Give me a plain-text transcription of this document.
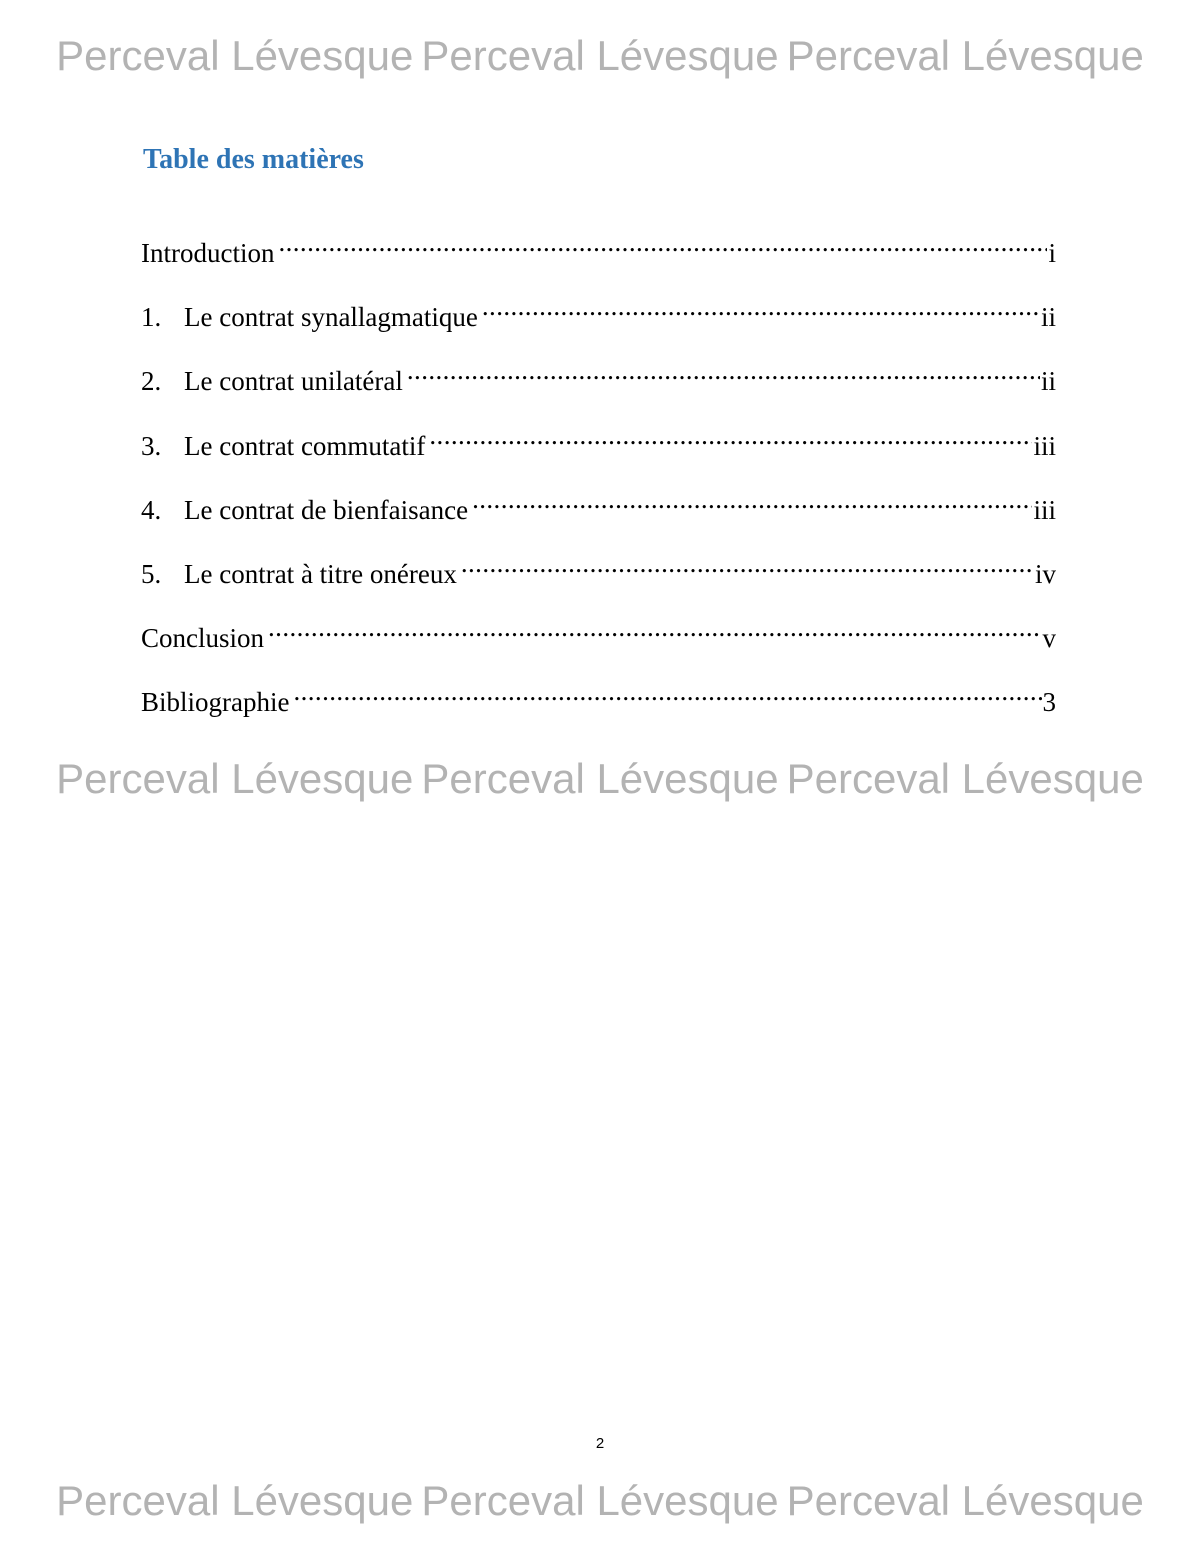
Perceval Lévesque Perceval Lévesque Perceval Lévesque
Perceval Lévesque Perceval Lévesque Perceval Lévesque
Perceval Lévesque Perceval Lévesque Perceval Lévesque
Table des matières
Introduction .....	i
1. Le contrat synallagmatique .....	ii
2. Le contrat unilatéral .....	ii
3. Le contrat commutatif .....	iii
4. Le contrat de bienfaisance .....	iii
5. Le contrat à titre onéreux .....	iv
Conclusion .....	v
Bibliographie .....	3
2
